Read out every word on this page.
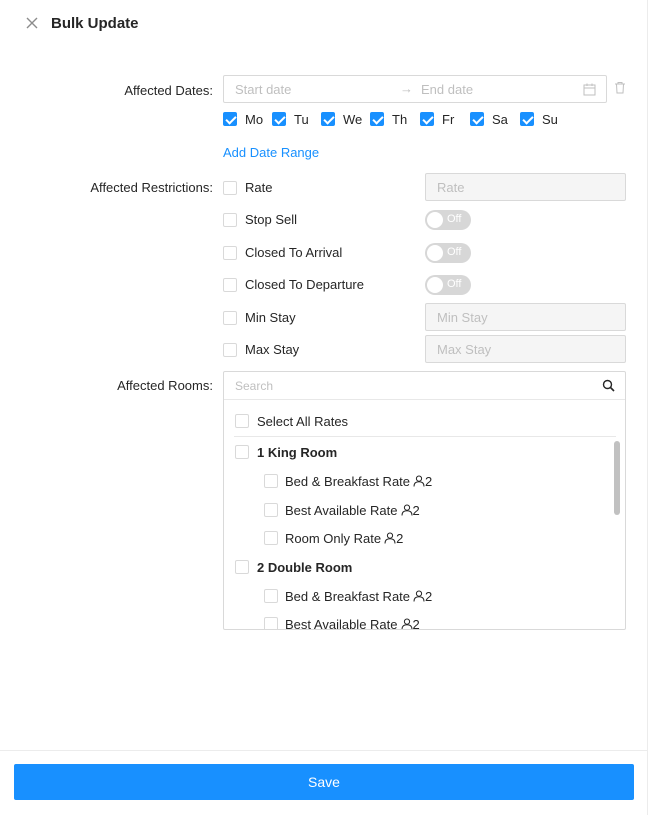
Bulk Update
Affected Dates: Start date	→ End date
Mo Tu	We Th	Fr	Sa	Su
Add Date Range
Affected Restrictions: Rate	Rate
Stop Sell	Off
Closed To Arrival	Off
Closed To Departure	Off
Min Stay	Min Stay
Max Stay	Max Stay
Affected Rooms: Search
Select All Rates
1 King Room
Bed & Breakfast Rate 2
Best Available Rate 2
Room Only Rate 2
2 Double Room
Bed & Breakfast Rate 2
Best Available Rate 2
Save
